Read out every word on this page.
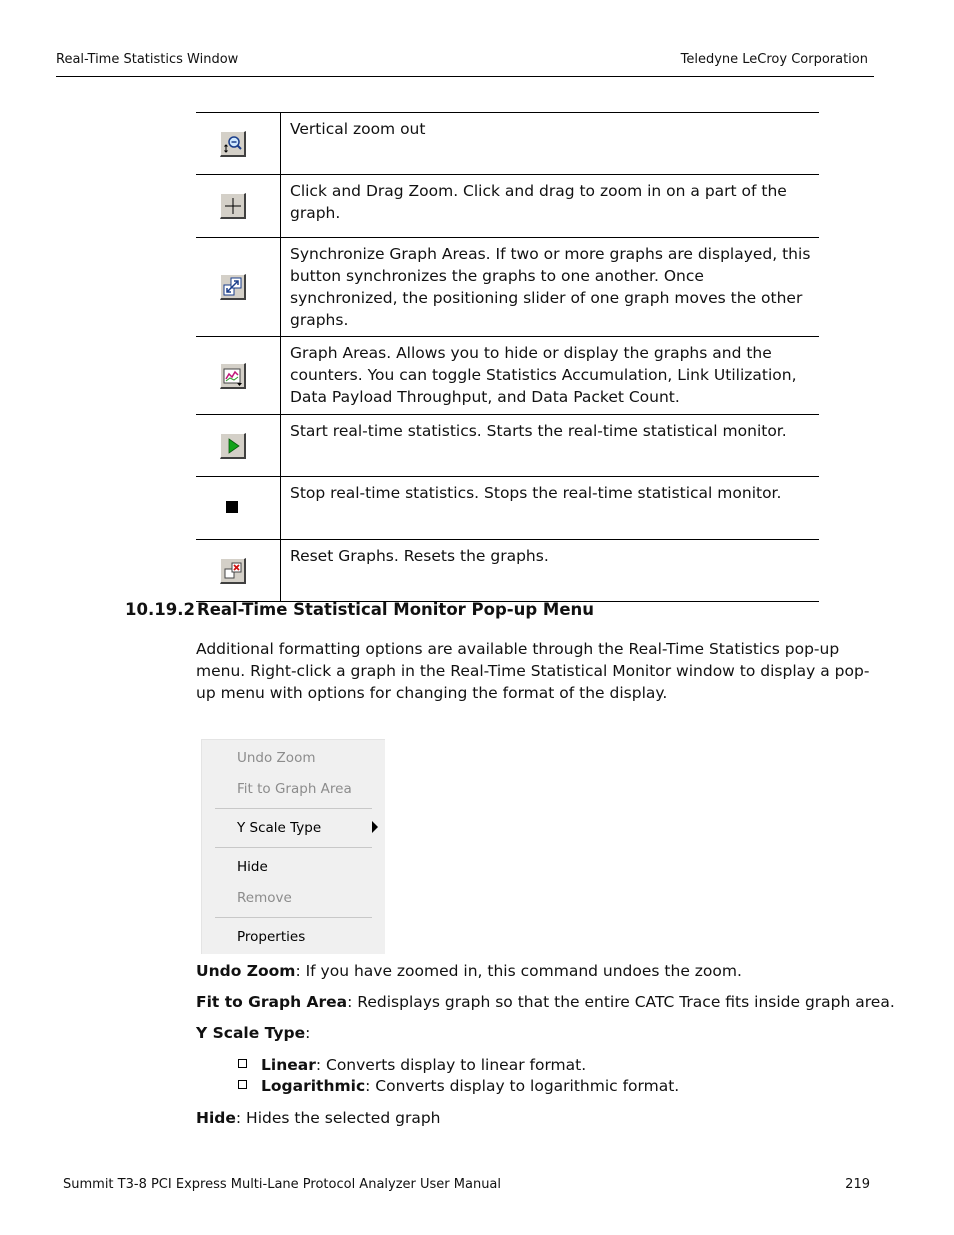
Real-Time Statistics Window	Teledyne LeCroy Corporation
	Vertical zoom out

	Click and Drag Zoom. Click and drag to zoom in on a part of the graph.

	Synchronize Graph Areas. If two or more graphs are displayed, this button synchronizes the graphs to one another. Once synchronized, the positioning slider of one graph moves the other graphs.

	Graph Areas. Allows you to hide or display the graphs and the counters. You can toggle Statistics Accumulation, Link Utilization, Data Payload Throughput, and Data Packet Count.

	Start real-time statistics. Starts the real-time statistical monitor.

	Stop real-time statistics. Stops the real-time statistical monitor.

	Reset Graphs. Resets the graphs.
10.19.2 Real-Time Statistical Monitor Pop-up Menu
Additional formatting options are available through the Real-Time Statistics pop-up menu. Right-click a graph in the Real-Time Statistical Monitor window to display a pop-up menu with options for changing the format of the display.
Undo Zoom
Fit to Graph Area
Y Scale Type
Hide
Remove
Properties
Undo Zoom: If you have zoomed in, this command undoes the zoom.
Fit to Graph Area: Redisplays graph so that the entire CATC Trace fits inside graph area.
Y Scale Type:
Linear: Converts display to linear format.
Logarithmic: Converts display to logarithmic format.
Hide: Hides the selected graph
Summit T3-8 PCI Express Multi-Lane Protocol Analyzer User Manual	219
